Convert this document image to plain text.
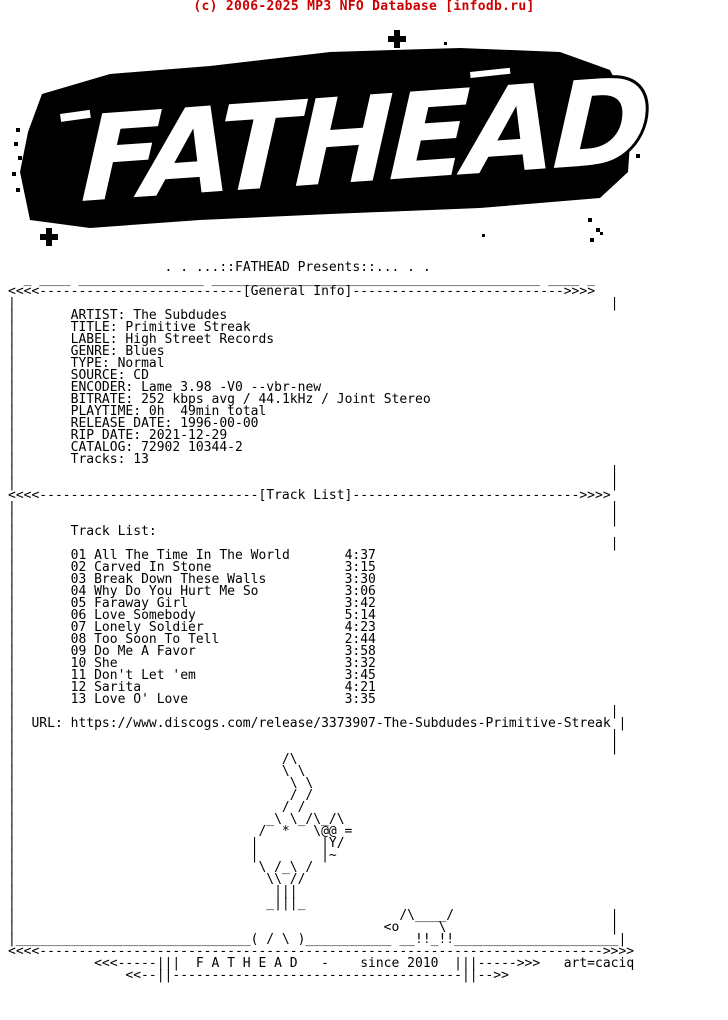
(c) 2006-2025 MP3 NFO Database [infodb.ru]
FATHEAD
. . ...::FATHEAD Presents::... . .
_ ____ ________________ __________________________________________ ____ _
<<<<--------------------------[General Info]--------------------------->>>>
|                                                                            |
|       ARTIST: The Subdudes
|       TITLE: Primitive Streak
|       LABEL: High Street Records
|       GENRE: Blues
|       TYPE: Normal
|       SOURCE: CD
|       ENCODER: Lame 3.98 -V0 --vbr-new
|       BITRATE: 252 kbps avg / 44.1kHz / Joint Stereo
|       PLAYTIME: 0h  49min total
|       RELEASE DATE: 1996-00-00
|       RIP DATE: 2021-12-29
|       CATALOG: 72902 10344-2
|       Tracks: 13
|                                                                            |
|                                                                            |
<<<<----------------------------[Track List]----------------------------->>>>
|                                                                            |
|                                                                            |
|       Track List:
|                                                                            |
|       01 All The Time In The World	4:37
|       02 Carved In Stone	3:15
|       03 Break Down These Walls	3:30
|       04 Why Do You Hurt Me So	3:06
|       05 Faraway Girl	3:42
|       06 Love Somebody	5:14
|       07 Lonely Soldier	4:23
|       08 Too Soon To Tell	2:44
|       09 Do Me A Favor	3:58
|       10 She	3:32
|       11 Don't Let 'em	3:45
|       12 Sarita	4:21
|       13 Love O' Love	3:35
|                                                                            |
|  URL: https://www.discogs.com/release/3373907-The-Subdudes-Primitive-Streak |
|                                                                            |
|                                                                            |
|                                  /\
|                                  \ \
|                                   \ \
|                                   / /
|                                  / /
|                                _\ \_/\_/\
|                               /  *   \@@ =
|                              |        |Y/
|                              |        |~
|                               \ /_\ /
|                                \\ //
|                                 |||
|                                _|||_
|                                                 /\____/                    |
|                                               <o     \                     |
|______________________________( / \ )___________ __!!_!!_____________________|
<<<<------------------------------------------------------------------------>>>>
<<<-----|||  F A T H E A D   -    since 2010  |||----->>> art=caciq
<<--||-------------------------------------||-->>
